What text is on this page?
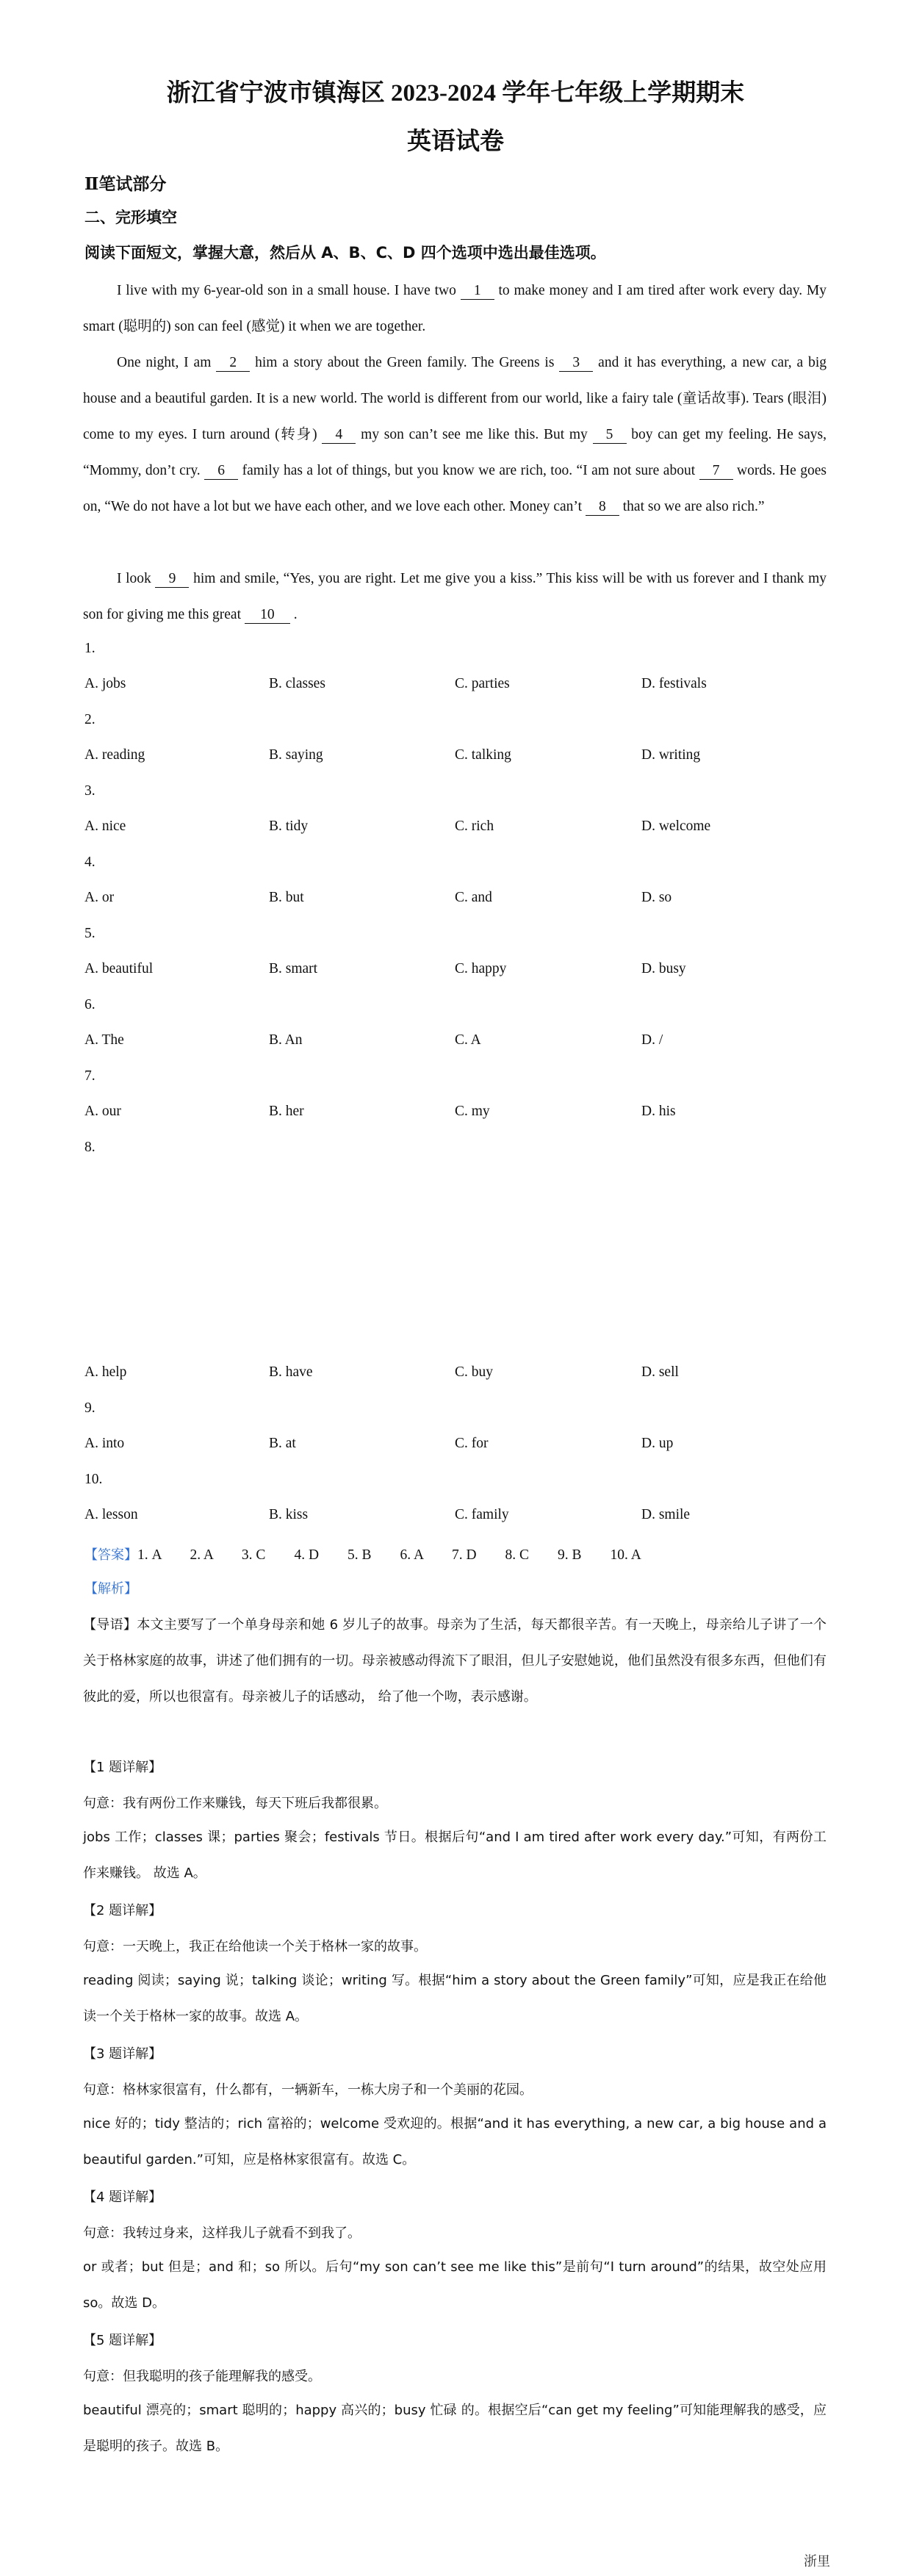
浙江省宁波市镇海区 2023-2024 学年七年级上学期期末
英语试卷
Ⅱ笔试部分
二、完形填空
阅读下面短文，掌握大意，然后从 A、B、C、D 四个选项中选出最佳选项。

I live with my 6-year-old son in a small house. I have two 1 to make money and I am tired after work every day. My smart (聪明的) son can feel (感觉) it when we are together.

One night, I am 2 him a story about the Green family. The Greens is 3 and it has everything, a new car, a big house and a beautiful garden. It is a new world. The world is different from our world, like a fairy tale (童话故事). Tears (眼泪) come to my eyes. I turn around (转身) 4 my son can’t see me like this. But my 5 boy can get my feeling. He says, “Mommy, don’t cry. 6 family has a lot of things, but you know we are rich, too. “I am not sure about 7 words. He goes on, “We do not have a lot but we have each other, and we love each other. Money can’t 8 that so we are also rich.”

I look 9 him and smile, “Yes, you are right. Let me give you a kiss.” This kiss will be with us forever and I thank my son for giving me this great 10 .

1.
A. jobs	B. classes	C. parties	D. festivals
2.
A. reading	B. saying	C. talking	D. writing
3.
A. nice	B. tidy	C. rich	D. welcome
4.
A. or	B. but	C. and	D. so
5.
A. beautiful	B. smart	C. happy	D. busy
6.
A. The	B. An	C. A	D. /
7.
A. our	B. her	C. my	D. his
8.
A. help	B. have	C. buy	D. sell
9.
A. into	B. at	C. for	D. up
10.
A. lesson	B. kiss	C. family	D. smile
【答案】1. A　　2. A　　3. C　　4. D　　5. B　　6. A　　7. D　　8. C　　9. B　　10. A
【解析】

【导语】本文主要写了一个单身母亲和她 6 岁儿子的故事。母亲为了生活，每天都很辛苦。有一天晚上，母亲给儿子讲了一个关于格林家庭的故事，讲述了他们拥有的一切。母亲被感动得流下了眼泪，但儿子安慰她说，他们虽然没有很多东西，但他们有彼此的爱，所以也很富有。母亲被儿子的话感动， 给了他一个吻，表示感谢。

【1 题详解】
句意：我有两份工作来赚钱，每天下班后我都很累。

jobs 工作；classes 课；parties 聚会；festivals 节日。根据后句“and I am tired after work every day.”可知，有两份工作来赚钱。 故选 A。

【2 题详解】
句意：一天晚上，我正在给他读一个关于格林一家的故事。

reading 阅读；saying 说；talking 谈论；writing 写。根据“him a story about the Green family”可知，应是我正在给他读一个关于格林一家的故事。故选 A。

【3 题详解】
句意：格林家很富有，什么都有，一辆新车，一栋大房子和一个美丽的花园。

nice 好的；tidy 整洁的；rich 富裕的；welcome 受欢迎的。根据“and it has everything, a new car, a big house and a beautiful garden.”可知，应是格林家很富有。故选 C。

【4 题详解】
句意：我转过身来，这样我儿子就看不到我了。

or 或者；but 但是；and 和；so 所以。后句“my son can’t see me like this”是前句“I turn around”的结果，故空处应用 so。故选 D。

【5 题详解】
句意：但我聪明的孩子能理解我的感受。

beautiful 漂亮的；smart 聪明的；happy 高兴的；busy 忙碌 的。根据空后“can get my feeling”可知能理解我的感受，应是聪明的孩子。故选 B。

浙里
